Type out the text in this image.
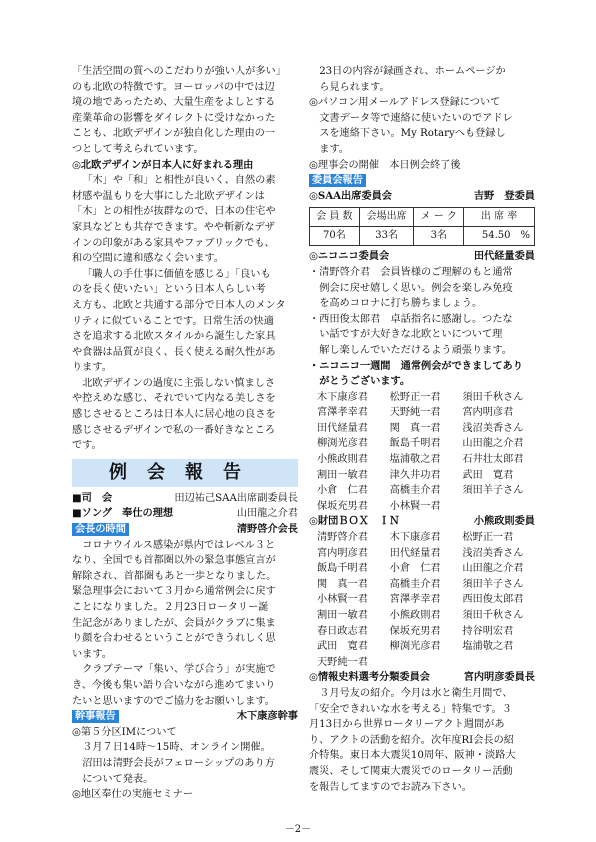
「生活空間の質へのこだわりが強い人が多い」

のも北欧の特徴です。ヨーロッパの中では辺

境の地であったため、大量生産をよしとする

産業革命の影響をダイレクトに受けなかった

ことも、北欧デザインが独自化した理由の一

つとして考えられています。

◎北欧デザインが日本人に好まれる理由

「木」や「和」と相性が良いく、自然の素

材感や温もりを大事にした北欧デザインは

「木」との相性が抜群なので、日本の住宅や

家具などとも共存できます。やや斬新なデザ

インの印象がある家具やファブリックでも、

和の空間に違和感なく会います。

「職人の手仕事に価値を感じる」「良いも

のを長く使いたい」という日本人らしい考

え方も、北欧と共通する部分で日本人のメンタ

リティに似ていることです。日常生活の快適

さを追求する北欧スタイルから誕生した家具

や食器は品質が良く、長く使える耐久性があ

ります。

北欧デザインの過度に主張しない慎ましさ

や控えめな感じ、それでいて内なる美しさを

感じさせるところは日本人に居心地の良さを

感じさせるデザインで私の一番好きなところ

です。

例会報告
■司　会	田辺祐己SAA出席副委員長
■ソング　奉仕の理想	山田龍之介君
会長の時間	清野啓介会長

コロナウイルス感染が県内ではレベル３と

なり、全国でも首都圏以外の緊急事態宣言が

解除され、首都圏もあと一歩となりました。

緊急理事会において３月から通常例会に戻す

ことになりました。２月23日ロータリー誕

生記念がありましたが、会員がクラブに集ま

り顔を合わせるということができうれしく思

います。

クラブテーマ「集い、学び合う」が実施で

き、今後も集い語り合いながら進めてまいり

たいと思いますのでご協力をお願いします。

幹事報告	木下康彦幹事

◎第５分区IMについて

３月７日14時～15時、オンライン開催。

沼田は清野会長がフェローシップのあり方

について発表。

◎地区奉仕の実施セミナー

23日の内容が録画され、ホームページか

ら見られます。

◎パソコン用メールアドレス登録について

文書データ等で連絡に使いたいのでアドレ

スを連絡下さい。My Rotaryへも登録し

ます。

◎理事会の開催　本日例会終了後

委員会報告
◎SAA出席委員会	吉野　登委員
会 員 数	会場出席	メ ー ク	出 席 率
70名	33名	3名	54.50　%
◎ニコニコ委員会	田代経量委員

・清野啓介君　会員皆様のご理解のもと通常

例会に戻せ嬉しく思い。例会を楽しみ免疫

を高めコロナに打ち勝ちましょう。

・西田俊太郎君　卓話指名に感謝し。つたな

い話ですが大好きな北欧といについて理

解し楽しんでいただけるよう頑張ります。

・ニコニコ一週間　通常例会ができましてあり

がとうございます。

木下康彦君	松野正一君	須田千秋さん
宮澤孝幸君	天野純一君	宮内明彦君
田代経量君	関　真一君	浅沼美香さん
柳渕光彦君	飯島千明君	山田龍之介君
小熊政則君	塩浦敬之君	石井壮太郎君
割田一敏君	津久井功君	武田　寛君
小倉　仁君	高橋圭介君	須田羊子さん
保坂充男君	小林賢一君
◎財団ＢＯＸ　ＩＮ	小熊政則委員
清野啓介君	木下康彦君	松野正一君
宮内明彦君	田代経量君	浅沼美香さん
飯島千明君	小倉　仁君	山田龍之介君
関　真一君	高橋圭介君	須田羊子さん
小林賢一君	宮澤孝幸君	西田俊太郎君
割田一敏君	小熊政則君	須田千秋さん
春日政志君	保坂充男君	持谷明宏君
武田　寛君	柳渕光彦君	塩浦敬之君
天野純一君
◎情報史料選考分類委員会	宮内明彦委員長

３月号友の紹介。今月は水と衛生月間で、

「安全できれいな水を考える」特集です。３

月13日から世界ロータリーアクト週間があ

り、アクトの活動を紹介。次年度RI会長の紹

介特集。東日本大震災10周年、阪神・淡路大

震災、そして関東大震災でのロータリー活動

を報告してますのでお読み下さい。

－2－
